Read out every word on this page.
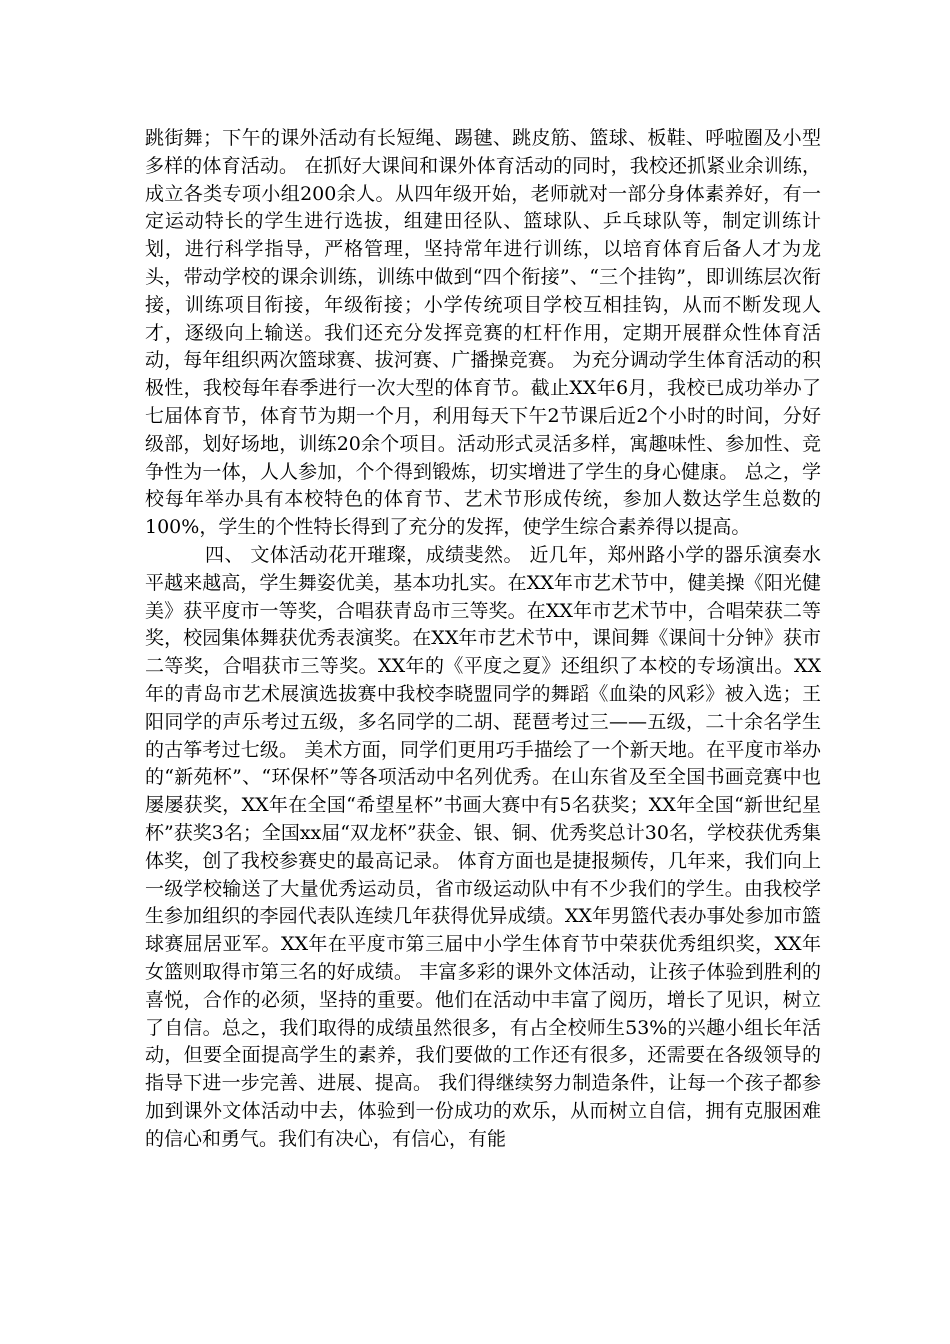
跳街舞；下午的课外活动有长短绳、踢毽、跳皮筋、篮球、板鞋、呼啦圈及小型多样的体育活动。 在抓好大课间和课外体育活动的同时，我校还抓紧业余训练，成立各类专项小组200余人。从四年级开始，老师就对一部分身体素养好，有一定运动特长的学生进行选拔，组建田径队、篮球队、乒乓球队等，制定训练计划，进行科学指导，严格管理，坚持常年进行训练，以培育体育后备人才为龙头，带动学校的课余训练，训练中做到“四个衔接”、“三个挂钩”，即训练层次衔接，训练项目衔接，年级衔接；小学传统项目学校互相挂钩，从而不断发现人才，逐级向上输送。我们还充分发挥竞赛的杠杆作用，定期开展群众性体育活动，每年组织两次篮球赛、拔河赛、广播操竞赛。 为充分调动学生体育活动的积极性，我校每年春季进行一次大型的体育节。截止XX年6月，我校已成功举办了七届体育节，体育节为期一个月，利用每天下午2节课后近2个小时的时间，分好级部，划好场地，训练20余个项目。活动形式灵活多样，寓趣味性、参加性、竞争性为一体，人人参加，个个得到锻炼，切实增进了学生的身心健康。 总之，学校每年举办具有本校特色的体育节、艺术节形成传统，参加人数达学生总数的100%，学生的个性特长得到了充分的发挥，使学生综合素养得以提高。

四、 文体活动花开璀璨，成绩斐然。 近几年，郑州路小学的器乐演奏水平越来越高，学生舞姿优美，基本功扎实。在XX年市艺术节中，健美操《阳光健美》获平度市一等奖，合唱获青岛市三等奖。在XX年市艺术节中，合唱荣获二等奖，校园集体舞获优秀表演奖。在XX年市艺术节中，课间舞《课间十分钟》获市二等奖，合唱获市三等奖。XX年的《平度之夏》还组织了本校的专场演出。XX年的青岛市艺术展演选拔赛中我校李晓盟同学的舞蹈《血染的风彩》被入选；王阳同学的声乐考过五级，多名同学的二胡、琵琶考过三——五级，二十余名学生的古筝考过七级。 美术方面，同学们更用巧手描绘了一个新天地。在平度市举办的“新苑杯”、“环保杯”等各项活动中名列优秀。在山东省及至全国书画竞赛中也屡屡获奖，XX年在全国“希望星杯”书画大赛中有5名获奖；XX年全国“新世纪星杯”获奖3名；全国xx届“双龙杯”获金、银、铜、优秀奖总计30名，学校获优秀集体奖，创了我校参赛史的最高记录。 体育方面也是捷报频传，几年来，我们向上一级学校输送了大量优秀运动员，省市级运动队中有不少我们的学生。由我校学生参加组织的李园代表队连续几年获得优异成绩。XX年男篮代表办事处参加市篮球赛屈居亚军。XX年在平度市第三届中小学生体育节中荣获优秀组织奖，XX年女篮则取得市第三名的好成绩。 丰富多彩的课外文体活动，让孩子体验到胜利的喜悦，合作的必须，坚持的重要。他们在活动中丰富了阅历，增长了见识，树立了自信。总之，我们取得的成绩虽然很多，有占全校师生53%的兴趣小组长年活动，但要全面提高学生的素养，我们要做的工作还有很多，还需要在各级领导的指导下进一步完善、进展、提高。 我们得继续努力制造条件，让每一个孩子都参加到课外文体活动中去，体验到一份成功的欢乐，从而树立自信，拥有克服困难的信心和勇气。我们有决心，有信心，有能
